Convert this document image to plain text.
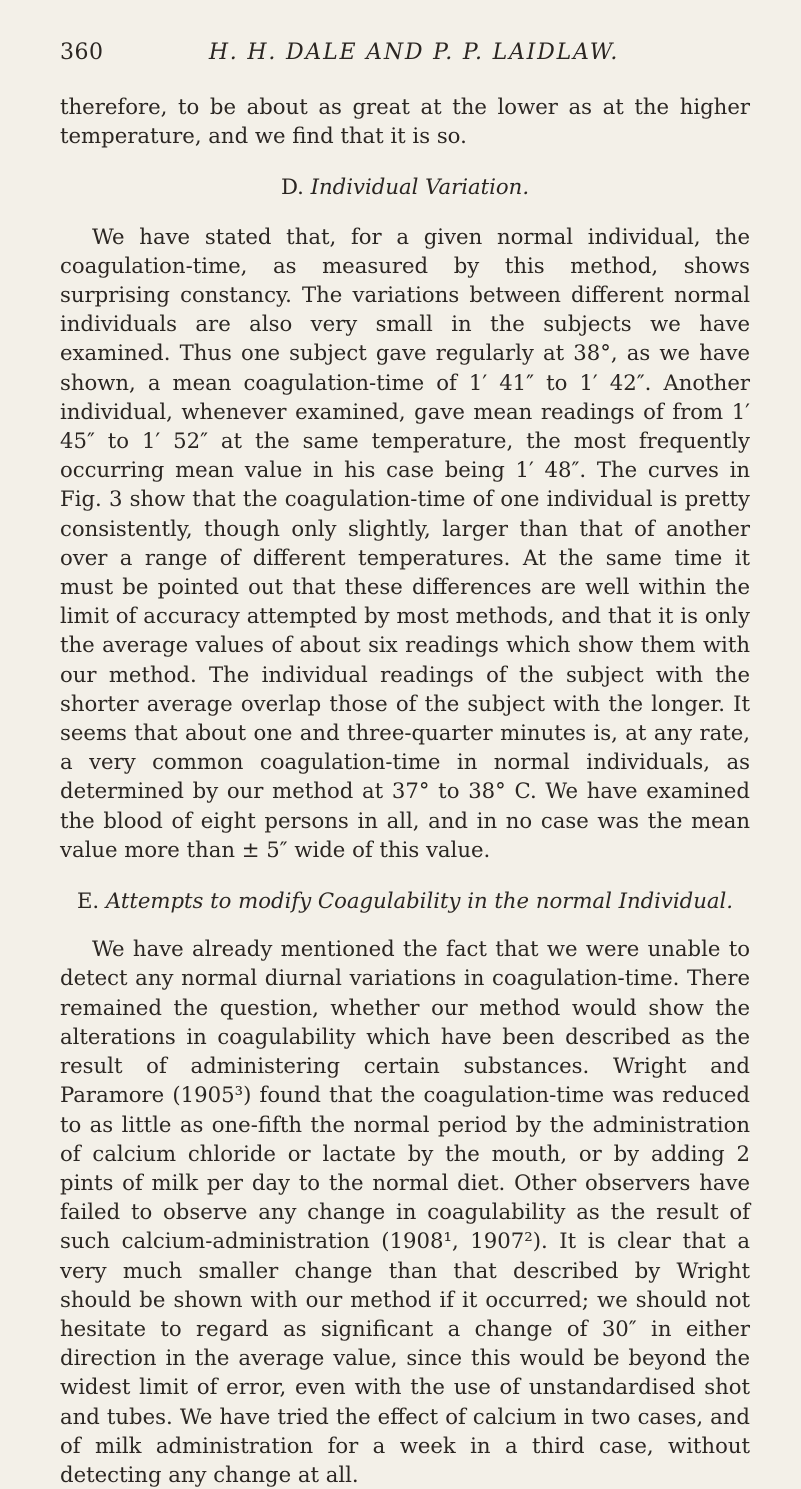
360	H. H. DALE AND P. P. LAIDLAW.

therefore, to be about as great at the lower as at the higher temperature, and we find that it is so.

D. Individual Variation.

We have stated that, for a given normal individual, the coagulation-time, as measured by this method, shows surprising constancy. The variations between different normal individuals are also very small in the subjects we have examined. Thus one subject gave regularly at 38°, as we have shown, a mean coagulation-time of 1′ 41″ to 1′ 42″. Another individual, whenever examined, gave mean readings of from 1′ 45″ to 1′ 52″ at the same temperature, the most frequently occurring mean value in his case being 1′ 48″. The curves in Fig. 3 show that the coagulation-time of one individual is pretty consistently, though only slightly, larger than that of another over a range of different temperatures. At the same time it must be pointed out that these differences are well within the limit of accuracy attempted by most methods, and that it is only the average values of about six readings which show them with our method. The individual readings of the subject with the shorter average overlap those of the subject with the longer. It seems that about one and three-quarter minutes is, at any rate, a very common coagulation-time in normal individuals, as determined by our method at 37° to 38° C. We have examined the blood of eight persons in all, and in no case was the mean value more than ± 5″ wide of this value.

E. Attempts to modify Coagulability in the normal Individual.

We have already mentioned the fact that we were unable to detect any normal diurnal variations in coagulation-time. There remained the question, whether our method would show the alterations in coagulability which have been described as the result of administering certain substances. Wright and Paramore (1905³) found that the coagulation-time was reduced to as little as one-fifth the normal period by the administration of calcium chloride or lactate by the mouth, or by adding 2 pints of milk per day to the normal diet. Other observers have failed to observe any change in coagulability as the result of such calcium-administration (1908¹, 1907²). It is clear that a very much smaller change than that described by Wright should be shown with our method if it occurred; we should not hesitate to regard as significant a change of 30″ in either direction in the average value, since this would be beyond the widest limit of error, even with the use of unstandardised shot and tubes. We have tried the effect of calcium in two cases, and of milk administration for a week in a third case, without detecting any change at all.
